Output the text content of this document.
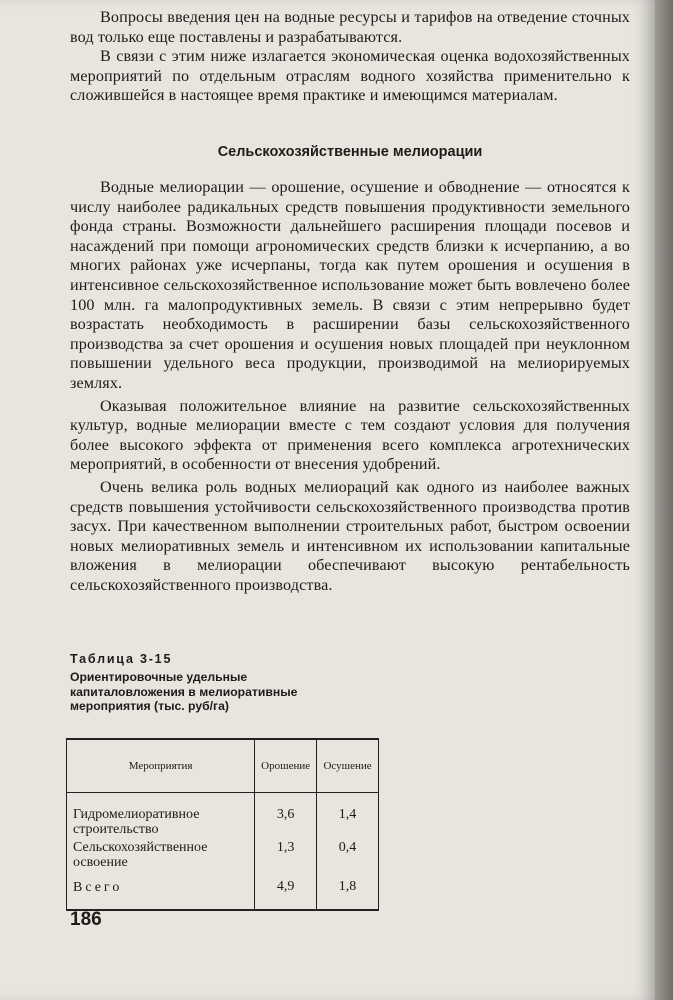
Вопросы введения цен на водные ресурсы и тарифов на отведение сточных вод только еще поставлены и разрабатываются.

В связи с этим ниже излагается экономическая оценка водохозяйственных мероприятий по отдельным отраслям водного хозяйства применительно к сложившейся в настоящее время практике и имеющимся материалам.

Сельскохозяйственные мелиорации

Водные мелиорации — орошение, осушение и обводнение — относятся к числу наиболее радикальных средств повышения продуктивности земельного фонда страны. Возможности дальнейшего расширения площади посевов и насаждений при помощи агрономических средств близки к исчерпанию, а во многих районах уже исчерпаны, тогда как путем орошения и осушения в интенсивное сельскохозяйственное использование может быть вовлечено более 100 млн. га малопродуктивных земель. В связи с этим непрерывно будет возрастать необходимость в расширении базы сельскохозяйственного производства за счет орошения и осушения новых площадей при неуклонном повышении удельного веса продукции, производимой на мелиорируемых землях.

Оказывая положительное влияние на развитие сельскохозяйственных культур, водные мелиорации вместе с тем создают условия для получения более высокого эффекта от применения всего комплекса агротехнических мероприятий, в особенности от внесения удобрений.

Очень велика роль водных мелиораций как одного из наиболее важных средств повышения устойчивости сельскохозяйственного производства против засух. При качественном выполнении строительных работ, быстром освоении новых мелиоративных земель и интенсивном их использовании капитальные вложения в мелиорации обеспечивают высокую рентабельность сельскохозяйственного производства.

Таблица 3-15
Ориентировочные удельные капиталовложения в мелиоративные мероприятия (тыс. руб/га)
Мероприятия	Орошение	Осушение
Гидромелиоративное строительство	3,6	1,4
Сельскохозяйственное освоение	1,3	0,4
Всего	4,9	1,8
186
